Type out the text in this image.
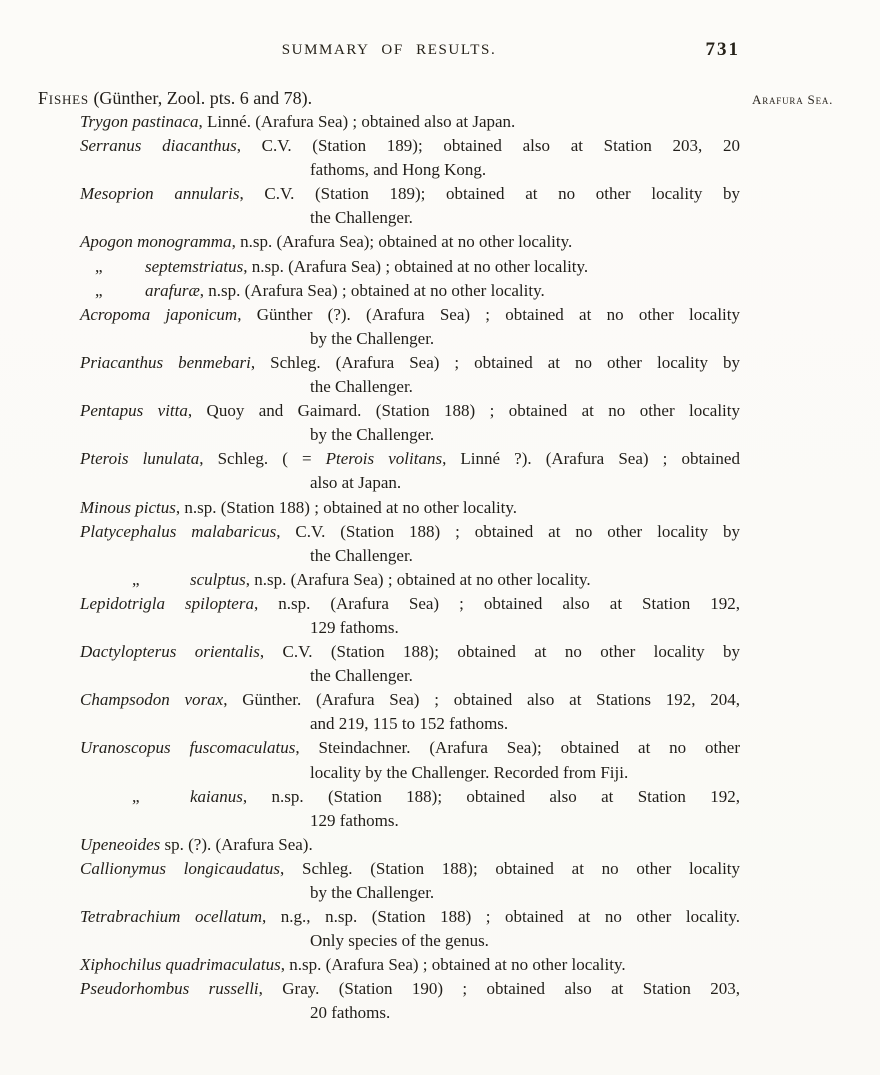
SUMMARY OF RESULTS.	731
Fishes (Günther, Zool. pts. 6 and 78).	Arafura Sea.
Trygon pastinaca, Linné. (Arafura Sea) ; obtained also at Japan.
Serranus diacanthus, C.V. (Station 189); obtained also at Station 203, 20
fathoms, and Hong Kong.
Mesoprion annularis, C.V. (Station 189); obtained at no other locality by
the Challenger.
Apogon monogramma, n.sp. (Arafura Sea); obtained at no other locality.
„ septemstriatus, n.sp. (Arafura Sea) ; obtained at no other locality.
„ arafuræ, n.sp. (Arafura Sea) ; obtained at no other locality.
Acropoma japonicum, Günther (?). (Arafura Sea) ; obtained at no other locality
by the Challenger.
Priacanthus benmebari, Schleg. (Arafura Sea) ; obtained at no other locality by
the Challenger.
Pentapus vitta, Quoy and Gaimard. (Station 188) ; obtained at no other locality
by the Challenger.
Pterois lunulata, Schleg. ( = Pterois volitans, Linné ?). (Arafura Sea) ; obtained
also at Japan.
Minous pictus, n.sp. (Station 188) ; obtained at no other locality.
Platycephalus malabaricus, C.V. (Station 188) ; obtained at no other locality by
the Challenger.
„	sculptus, n.sp. (Arafura Sea) ; obtained at no other locality.
Lepidotrigla spiloptera, n.sp. (Arafura Sea) ; obtained also at Station 192,
129 fathoms.
Dactylopterus orientalis, C.V. (Station 188); obtained at no other locality by
the Challenger.
Champsodon vorax, Günther. (Arafura Sea) ; obtained also at Stations 192, 204,
and 219, 115 to 152 fathoms.
Uranoscopus fuscomaculatus, Steindachner. (Arafura Sea); obtained at no other
locality by the Challenger. Recorded from Fiji.
„	kaianus, n.sp. (Station 188); obtained also at Station 192,
129 fathoms.
Upeneoides sp. (?). (Arafura Sea).
Callionymus longicaudatus, Schleg. (Station 188); obtained at no other locality
by the Challenger.
Tetrabrachium ocellatum, n.g., n.sp. (Station 188) ; obtained at no other locality.
Only species of the genus.
Xiphochilus quadrimaculatus, n.sp. (Arafura Sea) ; obtained at no other locality.
Pseudorhombus russelli, Gray. (Station 190) ; obtained also at Station 203,
20 fathoms.
